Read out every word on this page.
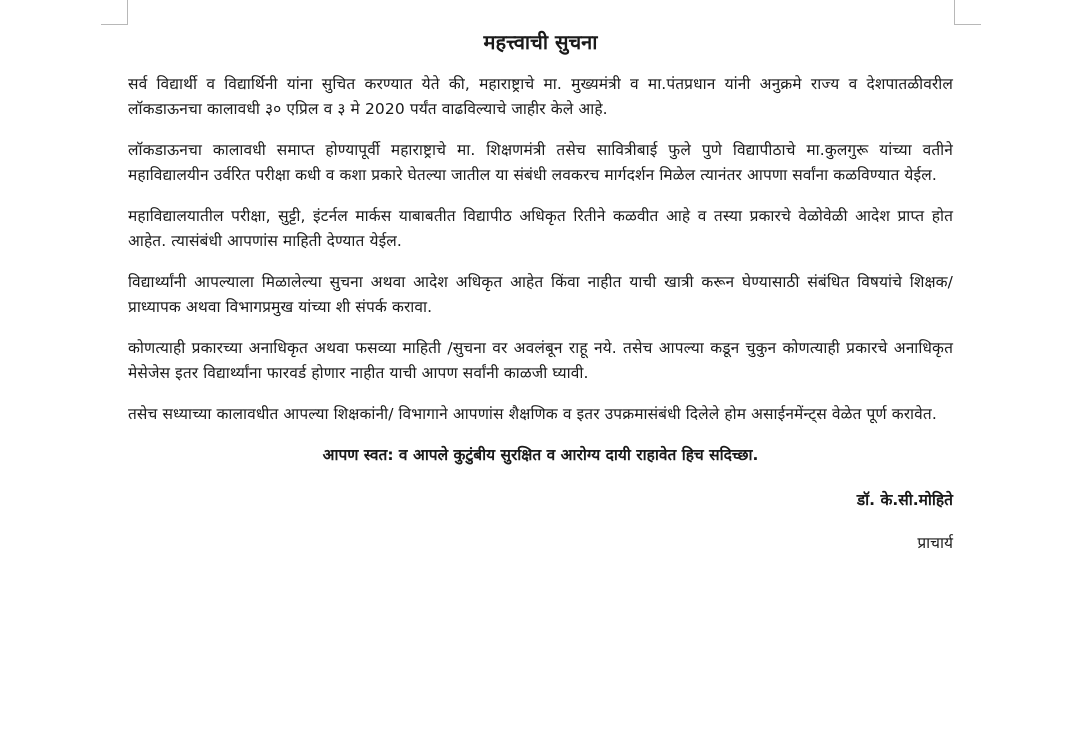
महत्त्वाची सुचना

सर्व विद्यार्थी व विद्यार्थिनी यांना सुचित करण्यात येते की, महाराष्ट्राचे मा. मुख्यमंत्री व मा.पंतप्रधान यांनी अनुक्रमे राज्य व देशपातळीवरील लॉकडाऊनचा कालावधी ३० एप्रिल व ३ मे 2020 पर्यंत वाढविल्याचे जाहीर केले आहे.

लॉकडाऊनचा कालावधी समाप्त होण्यापूर्वी महाराष्ट्राचे मा. शिक्षणमंत्री तसेच सावित्रीबाई फुले पुणे विद्यापीठाचे मा.कुलगुरू यांच्या वतीने महाविद्यालयीन उर्वरित परीक्षा कधी व कशा प्रकारे घेतल्या जातील या संबंधी लवकरच मार्गदर्शन मिळेल त्यानंतर आपणा सर्वांना कळविण्यात येईल.

महाविद्यालयातील परीक्षा, सुट्टी, इंटर्नल मार्कस याबाबतीत विद्यापीठ अधिकृत रितीने कळवीत आहे व तस्या प्रकारचे वेळोवेळी आदेश प्राप्त होत आहेत. त्यासंबंधी आपणांस माहिती देण्यात येईल.

विद्यार्थ्यांनी आपल्याला मिळालेल्या सुचना अथवा आदेश अधिकृत आहेत किंवा नाहीत याची खात्री करून घेण्यासाठी संबंधित विषयांचे शिक्षक/ प्राध्यापक अथवा विभागप्रमुख यांच्या शी संपर्क करावा.

कोणत्याही प्रकारच्या अनाधिकृत अथवा फसव्या माहिती /सुचना वर अवलंबून राहू नये. तसेच आपल्या कडून चुकुन कोणत्याही प्रकारचे अनाधिकृत मेसेजेस इतर विद्यार्थ्यांना फारवर्ड होणार नाहीत याची आपण सर्वांनी काळजी घ्यावी.

तसेच सध्याच्या कालावधीत आपल्या शिक्षकांनी/ विभागाने आपणांस शैक्षणिक व इतर उपक्रमासंबंधी दिलेले होम असाईनमेंन्ट्स वेळेत पूर्ण करावेत.

आपण स्वत: व आपले कुटुंबीय सुरक्षित व आरोग्य दायी राहावेत हिच सदिच्छा.
डॉ. के.सी.मोहिते
प्राचार्य
